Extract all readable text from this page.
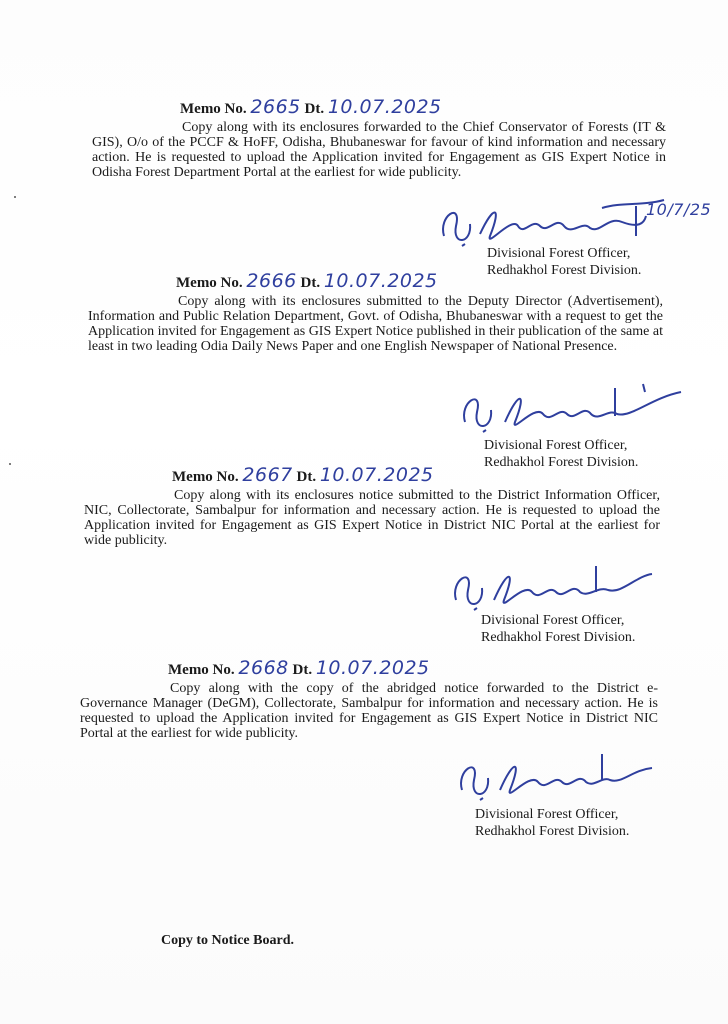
Memo No. 2665 Dt. 10.07.2025
Copy along with its enclosures forwarded to the Chief Conservator of Forests (IT & GIS), O/o of the PCCF & HoFF, Odisha, Bhubaneswar for favour of kind information and necessary action. He is requested to upload the Application invited for Engagement as GIS Expert Notice in Odisha Forest Department Portal at the earliest for wide publicity.
10/7/25
Divisional Forest Officer,
Redhakhol Forest Division.
Memo No. 2666 Dt. 10.07.2025
Copy along with its enclosures submitted to the Deputy Director (Advertisement), Information and Public Relation Department, Govt. of Odisha, Bhubaneswar with a request to get the Application invited for Engagement as GIS Expert Notice published in their publication of the same at least in two leading Odia Daily News Paper and one English Newspaper of National Presence.
Divisional Forest Officer,
Redhakhol Forest Division.
Memo No. 2667 Dt. 10.07.2025
Copy along with its enclosures notice submitted to the District Information Officer, NIC, Collectorate, Sambalpur for information and necessary action. He is requested to upload the Application invited for Engagement as GIS Expert Notice in District NIC Portal at the earliest for wide publicity.
Divisional Forest Officer,
Redhakhol Forest Division.
Memo No. 2668 Dt. 10.07.2025
Copy along with the copy of the abridged notice forwarded to the District e-Governance Manager (DeGM), Collectorate, Sambalpur for information and necessary action. He is requested to upload the Application invited for Engagement as GIS Expert Notice in District NIC Portal at the earliest for wide publicity.
Divisional Forest Officer,
Redhakhol Forest Division.
Copy to Notice Board.
